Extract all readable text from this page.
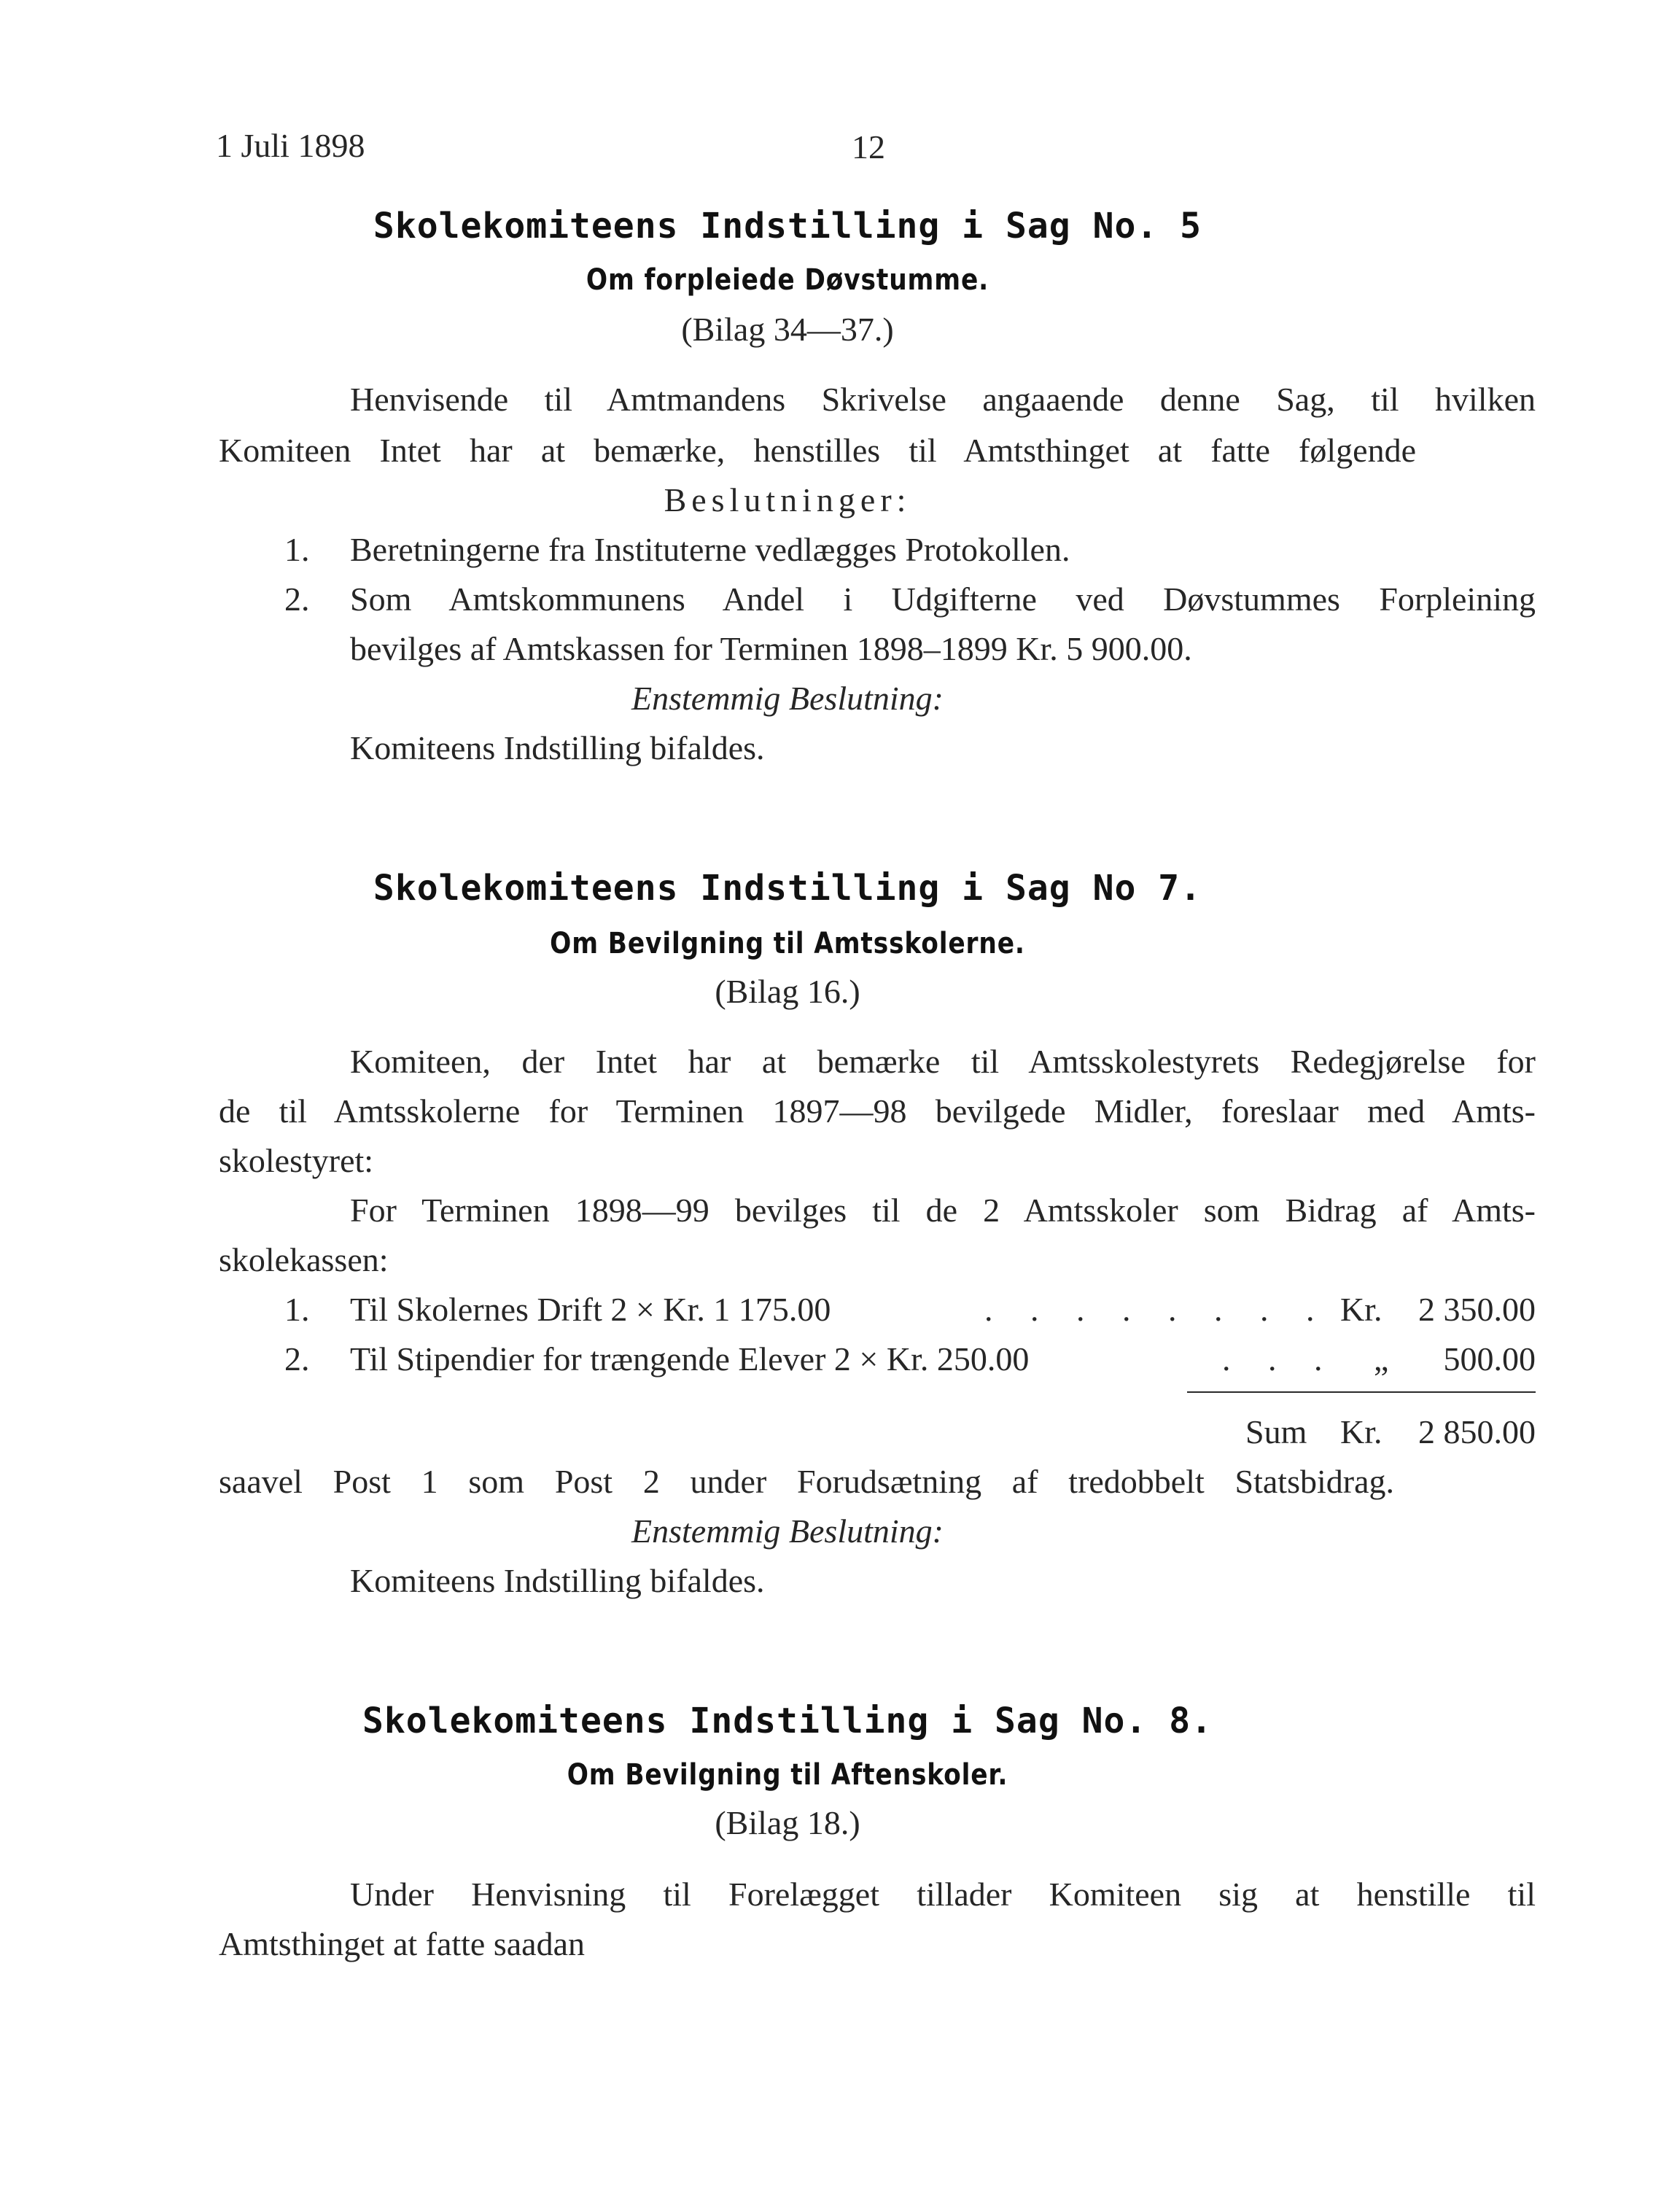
1 Juli 1898	12
Skolekomiteens Indstilling i Sag No. 5
Om forpleiede Døvstumme.
(Bilag 34—37.)
Henvisende til Amtmandens Skrivelse angaaende denne Sag, til hvilken
Komiteen Intet har at bemærke, henstilles til Amtsthinget at fatte følgende
Beslutninger:
1. Beretningerne fra Instituterne vedlægges Protokollen.
2. Som Amtskommunens Andel i Udgifterne ved Døvstummes Forpleining
bevilges af Amtskassen for Terminen 1898–1899 Kr. 5 900.00.
Enstemmig Beslutning:
Komiteens Indstilling bifaldes.
Skolekomiteens Indstilling i Sag No 7.
Om Bevilgning til Amtsskolerne.
(Bilag 16.)
Komiteen, der Intet har at bemærke til Amtsskolestyrets Redegjørelse for
de til Amtsskolerne for Terminen 1897—98 bevilgede Midler, foreslaar med Amts-
skolestyret:
For Terminen 1898—99 bevilges til de 2 Amtsskoler som Bidrag af Amts-
skolekassen:
1. Til Skolernes Drift 2 × Kr. 1 175.00	. . . . . . . . Kr.	2 350.00
2. Til Stipendier for trængende Elever 2 × Kr. 250.00	. . . „	500.00
Sum Kr.	2 850.00
saavel Post 1 som Post 2 under Forudsætning af tredobbelt Statsbidrag.
Enstemmig Beslutning:
Komiteens Indstilling bifaldes.
Skolekomiteens Indstilling i Sag No. 8.
Om Bevilgning til Aftenskoler.
(Bilag 18.)
Under Henvisning til Forelægget tillader Komiteen sig at henstille til
Amtsthinget at fatte saadan
